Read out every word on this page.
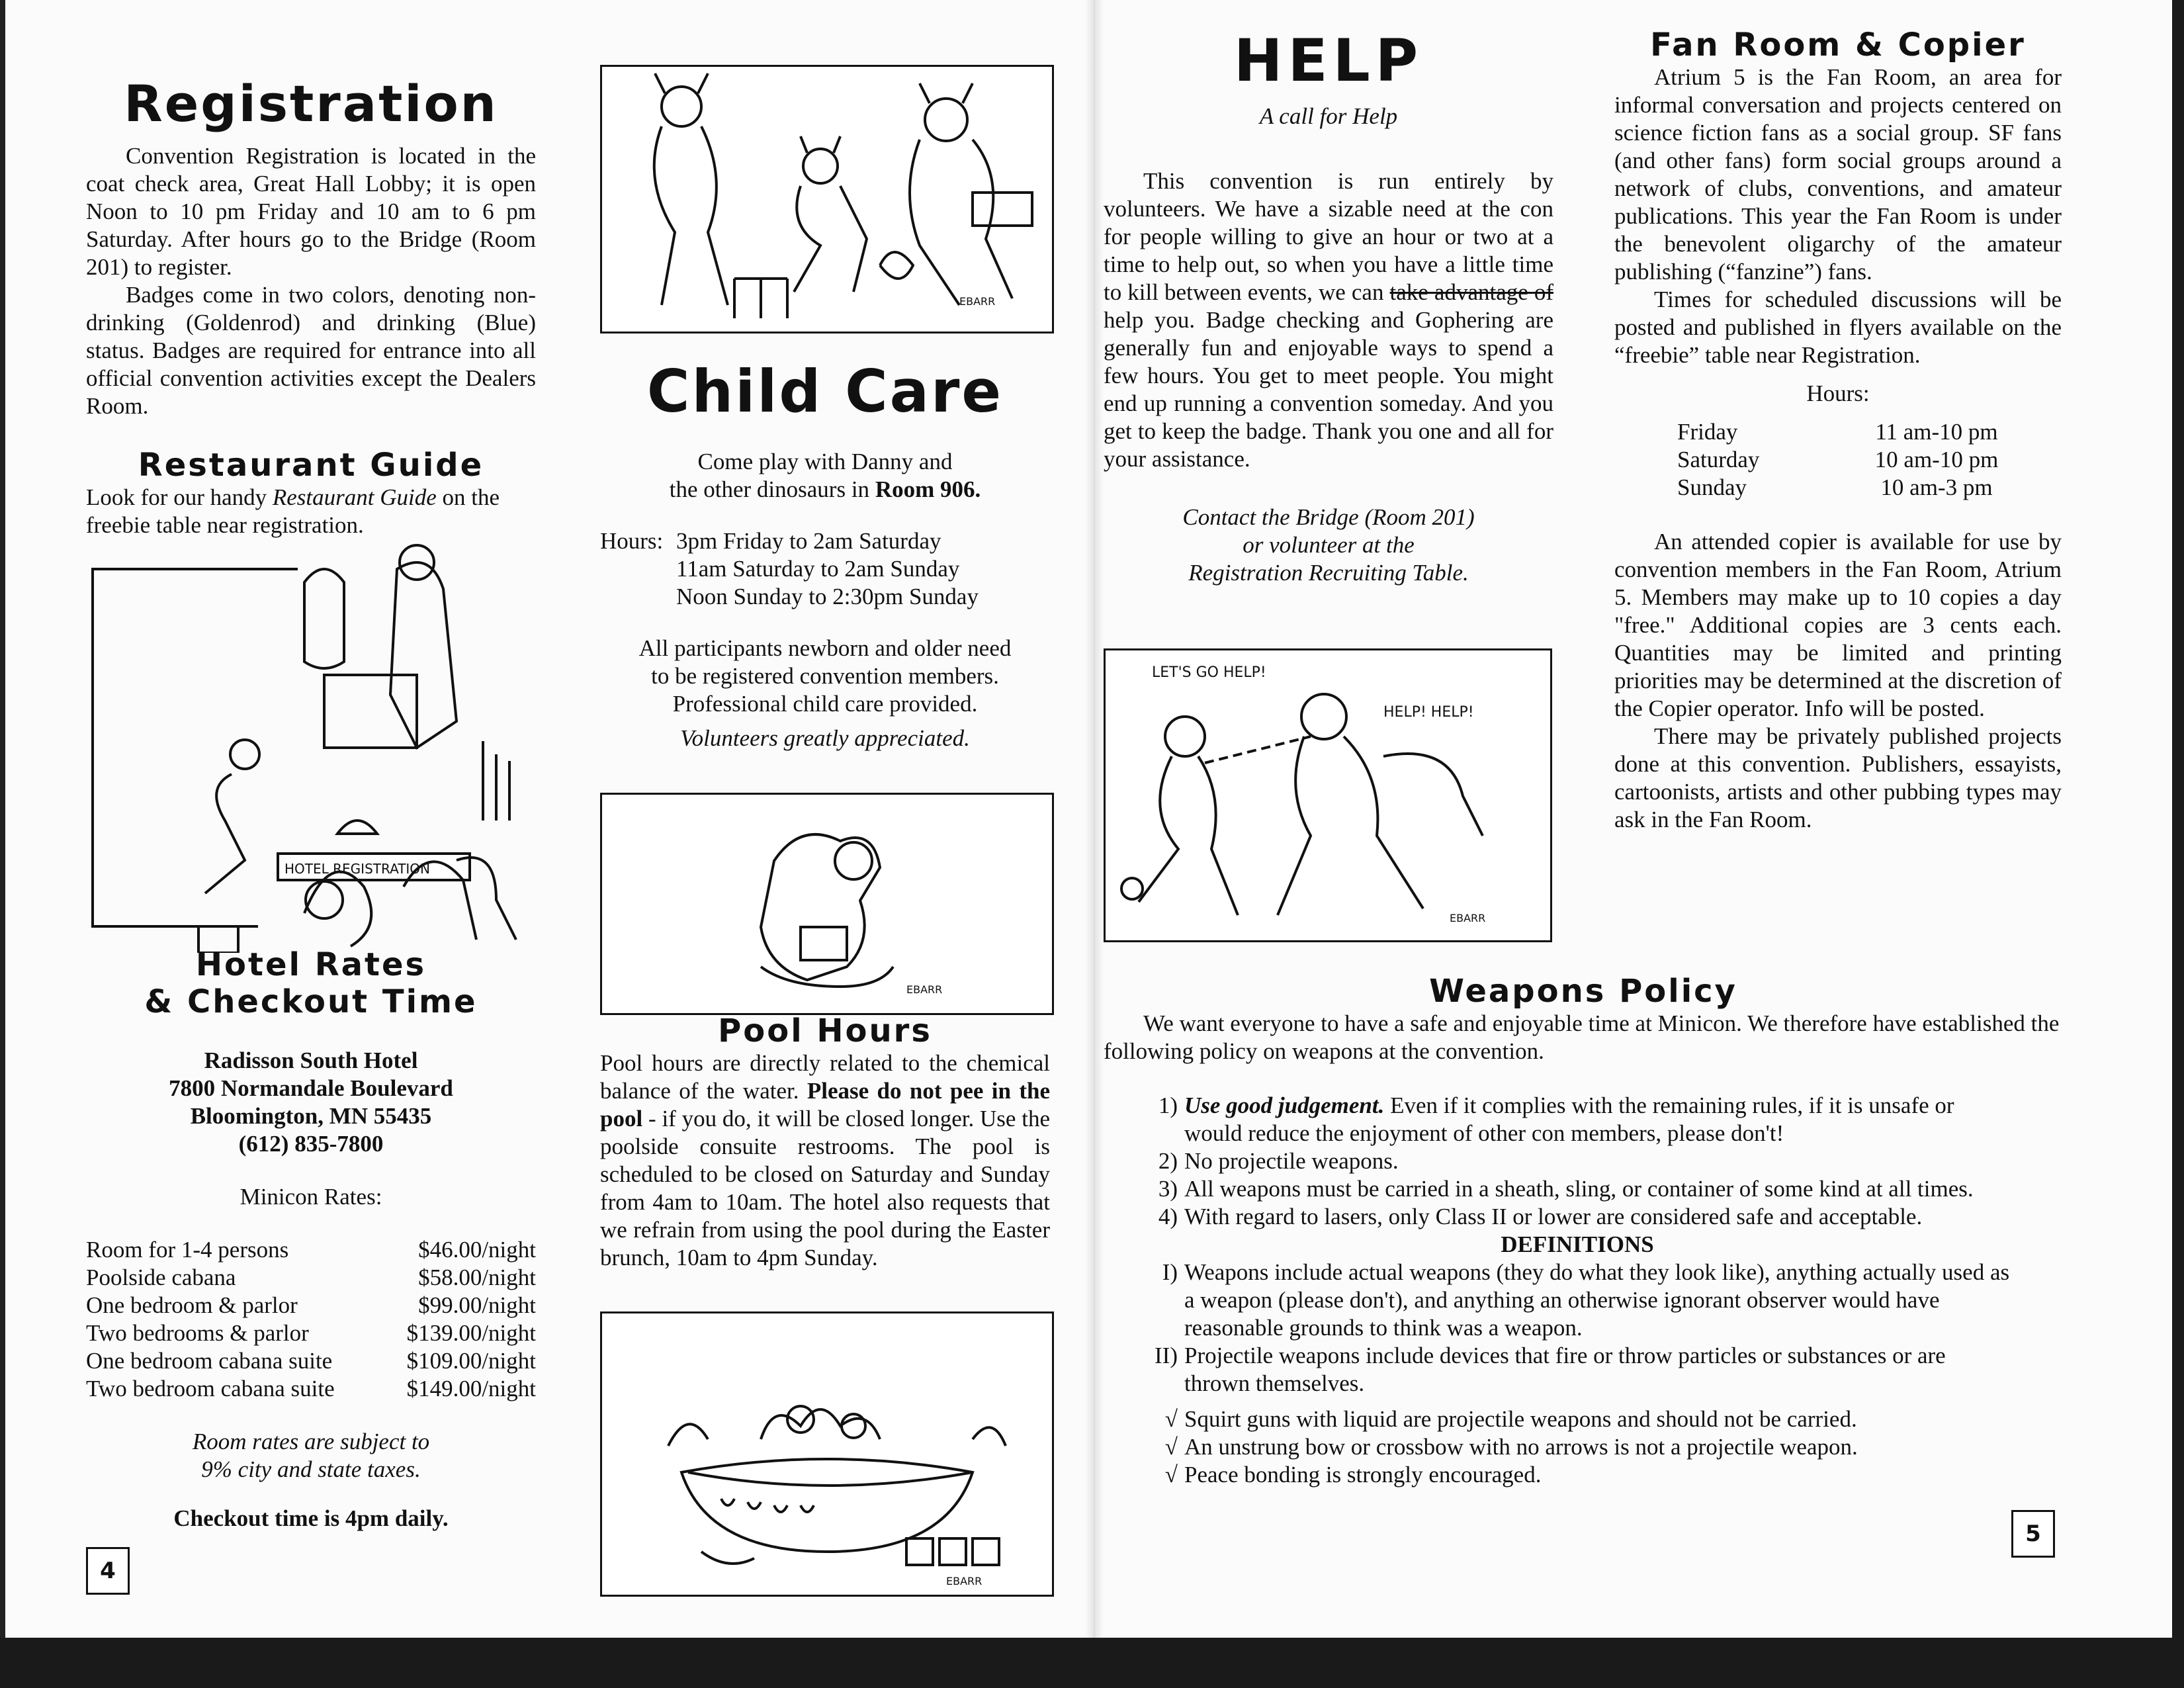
Registration

Convention Registration is located in the coat check area, Great Hall Lobby; it is open Noon to 10 pm Friday and 10 am to 6 pm Saturday. After hours go to the Bridge (Room 201) to register.

Badges come in two colors, denoting non-drinking (Goldenrod) and drinking (Blue) status. Badges are required for entrance into all official convention activities except the Dealers Room.

Restaurant Guide

Look for our handy Restaurant Guide on the freebie table near registration.

HOTEL REGISTRATION
Hotel Rates
& Checkout Time

Radisson South Hotel

7800 Normandale Boulevard

Bloomington, MN 55435

(612) 835-7800

Minicon Rates:

Room for 1-4 persons	$46.00/night
Poolside cabana	$58.00/night
One bedroom & parlor	$99.00/night
Two bedrooms & parlor	$139.00/night
One bedroom cabana suite	$109.00/night
Two bedroom cabana suite	$149.00/night

Room rates are subject to

9% city and state taxes.

Checkout time is 4pm daily.

4
EBARR
Child Care

Come play with Danny and

the other dinosaurs in Room 906.

Hours: 3pm Friday to 2am Saturday
11am Saturday to 2am Sunday
Noon Sunday to 2:30pm Sunday

All participants newborn and older need

to be registered convention members.

Professional child care provided.

Volunteers greatly appreciated.

EBARR
Pool Hours

Pool hours are directly related to the chemical balance of the water. Please do not pee in the pool - if you do, it will be closed longer. Use the poolside consuite restrooms. The pool is scheduled to be closed on Saturday and Sunday from 4am to 10am. The hotel also requests that we refrain from using the pool during the Easter brunch, 10am to 4pm Sunday.

EBARR
HELP

A call for Help

This convention is run entirely by volunteers. We have a sizable need at the con for people willing to give an hour or two at a time to help out, so when you have a little time to kill between events, we can take advantage of help you. Badge checking and Gophering are generally fun and enjoyable ways to spend a few hours. You get to meet people. You might end up running a convention someday. And you get to keep the badge. Thank you one and all for your assistance.

Contact the Bridge (Room 201)

or volunteer at the

Registration Recruiting Table.

LET'S GO HELP!
HELP! HELP!
EBARR
Fan Room & Copier

Atrium 5 is the Fan Room, an area for informal conversation and projects centered on science fiction fans as a social group. SF fans (and other fans) form social groups around a network of clubs, conventions, and amateur publications. This year the Fan Room is under the benevolent oligarchy of the amateur publishing (“fanzine”) fans.

Times for scheduled discussions will be posted and published in flyers available on the “freebie” table near Registration.

Hours:

Friday	11 am-10 pm
Saturday	10 am-10 pm
Sunday	10 am-3 pm

An attended copier is available for use by convention members in the Fan Room, Atrium 5. Members may make up to 10 copies a day "free." Additional copies are 3 cents each. Quantities may be limited and printing priorities may be determined at the discretion of the Copier operator. Info will be posted.

There may be privately published projects done at this convention. Publishers, essayists, cartoonists, artists and other pubbing types may ask in the Fan Room.

Weapons Policy

We want everyone to have a safe and enjoyable time at Minicon. We therefore have established the following policy on weapons at the convention.

1) Use good judgement. Even if it complies with the remaining rules, if it is unsafe or would reduce the enjoyment of other con members, please don't!
2) No projectile weapons.
3) All weapons must be carried in a sheath, sling, or container of some kind at all times.
4) With regard to lasers, only Class II or lower are considered safe and acceptable.

DEFINITIONS

I) Weapons include actual weapons (they do what they look like), anything actually used as a weapon (please don't), and anything an otherwise ignorant observer would have reasonable grounds to think was a weapon.
II) Projectile weapons include devices that fire or throw particles or substances or are thrown themselves.
√ Squirt guns with liquid are projectile weapons and should not be carried.
√ An unstrung bow or crossbow with no arrows is not a projectile weapon.
√ Peace bonding is strongly encouraged.
5
